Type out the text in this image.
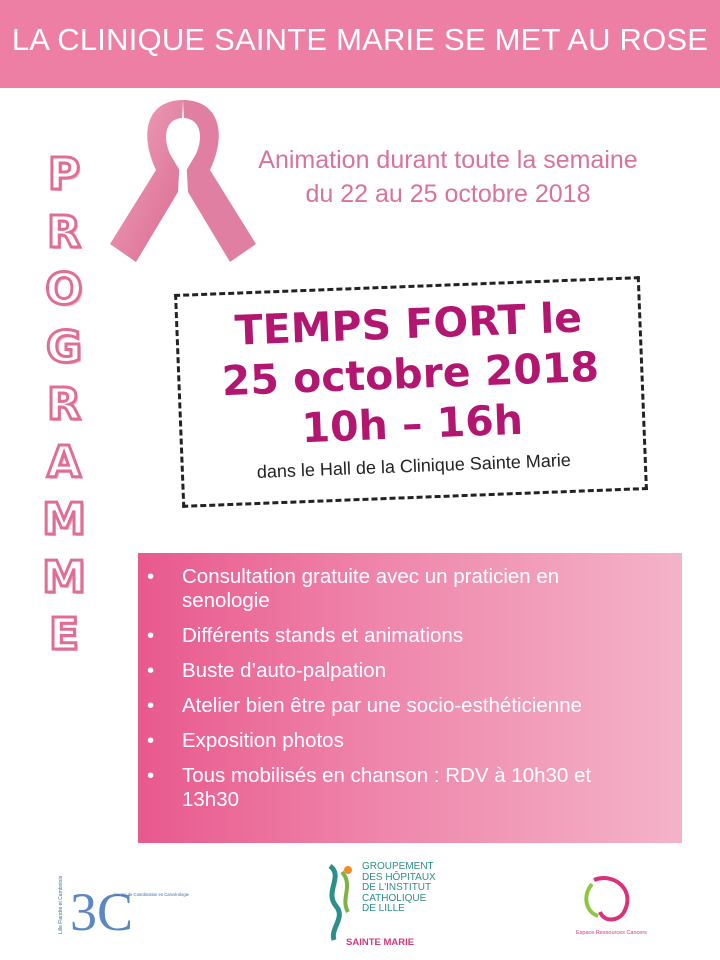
LA CLINIQUE SAINTE MARIE SE MET AU ROSE
Animation durant toute la semaine
du 22 au 25 octobre 2018
P
R
O
G
R
A
M
M
E
TEMPS FORT le
25 octobre 2018
10h – 16h
dans le Hall de la Clinique Sainte Marie
• Consultation gratuite avec un praticien en senologie
• Différents stands et animations
• Buste d’auto-palpation
• Atelier bien être par une socio-esthéticienne
• Exposition photos
• Tous mobilisés en chanson : RDV à 10h30 et 13h30
Lille Flandre et Cambrésis 3C
Centre de Coordination en Cancérologie
GROUPEMENT
DES HÔPITAUX
DE L'INSTITUT
CATHOLIQUE
DE LILLE
SAINTE MARIE
Espace Ressources Cancers
